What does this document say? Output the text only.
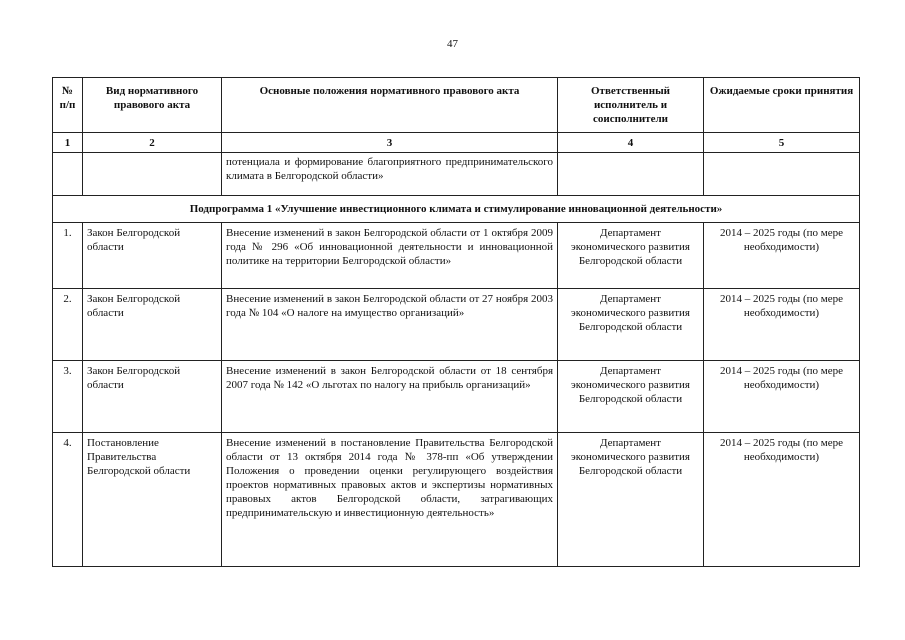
47
№ п/п	Вид нормативного правового акта	Основные положения нормативного правового акта	Ответственный исполнитель и соисполнители	Ожидаемые сроки принятия
1	2	3	4	5
		потенциала и формирование благоприятного предпринимательского климата в Белгородской области»		
Подпрограмма 1 «Улучшение инвестиционного климата и стимулирование инновационной деятельности»				
1.	Закон Белгородской области	Внесение изменений в закон Белгородской области от 1 октября 2009 года № 296 «Об инновационной деятельности и инновационной политике на территории Белгородской области»	Департамент экономического развития Белгородской области	2014 – 2025 годы (по мере необходимости)
2.	Закон Белгородской области	Внесение изменений в закон Белгородской области от 27 ноября 2003 года № 104 «О налоге на имущество организаций»	Департамент экономического развития Белгородской области	2014 – 2025 годы (по мере необходимости)
3.	Закон Белгородской области	Внесение изменений в закон Белгородской области от 18 сентября 2007 года № 142 «О льготах по налогу на прибыль организаций»	Департамент экономического развития Белгородской области	2014 – 2025 годы (по мере необходимости)
4.	Постановление Правительства Белгородской области	Внесение изменений в постановление Правительства Белгородской области от 13 октября 2014 года № 378-пп «Об утверждении Положения о проведении оценки регулирующего воздействия проектов нормативных правовых актов и экспертизы нормативных правовых актов Белгородской области, затрагивающих предпринимательскую и инвестиционную деятельность»	Департамент экономического развития Белгородской области	2014 – 2025 годы (по мере необходимости)
